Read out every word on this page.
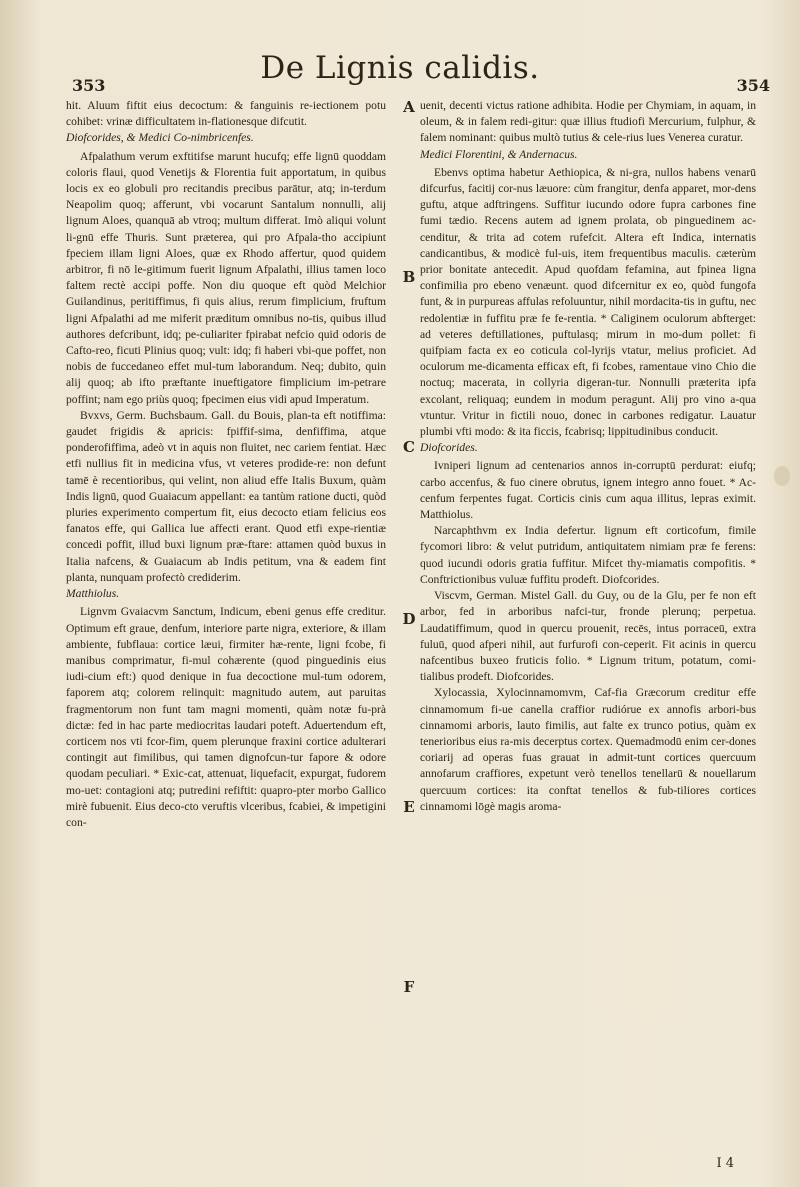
353	De Lignis calidis.	354

hit. Aluum fiftit eius decoctum: & fanguinis re-iectionem potu cohibet: vrinæ difficultatem in-flationesque difcutit.

Diofcorides, & Medici Co-nimbricenfes.

Afpalathum verum exftitifse marunt hucufq; effe lignū quoddam coloris flaui, quod Venetijs & Florentia fuit apportatum, in quibus locis ex eo globuli pro recitandis precibus parātur, atq; in-terdum Neapolim quoq; afferunt, vbi vocarunt Santalum nonnulli, alij lignum Aloes, quanquā ab vtroq; multum differat. Imò aliqui volunt li-gnū effe Thuris. Sunt præterea, qui pro Afpala-tho accipiunt fpeciem illam ligni Aloes, quæ ex Rhodo affertur, quod quidem arbitror, fi nō le-gitimum fuerit lignum Afpalathi, illius tamen loco faltem rectè accipi poffe. Non diu quoque eft quòd Melchior Guilandinus, peritiffimus, fi quis alius, rerum fimplicium, fruftum ligni Afpalathi ad me miferit præditum omnibus no-tis, quibus illud authores defcribunt, idq; pe-culiariter fpirabat nefcio quid odoris de Cafto-reo, ficuti Plinius quoq; vult: idq; fi haberi vbi-que poffet, non nobis de fuccedaneo effet mul-tum laborandum. Neq; dubito, quin alij quoq; ab ifto præftante inueftigatore fimplicium im-petrare poffint; nam ego priùs quoq; fpecimen eius vidi apud Imperatum.

Bvxvs, Germ. Buchsbaum. Gall. du Bouis, plan-ta eft notiffima: gaudet frigidis & apricis: fpiffif-sima, denfiffima, atque ponderofiffima, adeò vt in aquis non fluitet, nec cariem fentiat. Hæc etfi nullius fit in medicina vfus, vt veteres prodide-re: non defunt tamē è recentioribus, qui velint, non aliud effe Italis Buxum, quàm Indis lignū, quod Guaiacum appellant: ea tantùm ratione ducti, quòd pluries experimento compertum fit, eius decocto etiam felicius eos fanatos effe, qui Gallica lue affecti erant. Quod etfi expe-rientiæ concedi poffit, illud buxi lignum præ-ftare: attamen quòd buxus in Italia nafcens, & Guaiacum ab Indis petitum, vna & eadem fint planta, nunquam profectò crediderim.

Matthiolus.

Lignvm Gvaiacvm Sanctum, Indicum, ebeni genus effe creditur. Optimum eft graue, denfum, interiore parte nigra, exteriore, & illam ambiente, fubflaua: cortice læui, firmiter hæ-rente, ligni fcobe, fi manibus comprimatur, fi-mul cohærente (quod pinguedinis eius iudi-cium eft:) quod denique in fua decoctione mul-tum odorem, faporem atq; colorem relinquit: magnitudo autem, aut paruitas fragmentorum non funt tam magni momenti, quàm notæ fu-prà dictæ: fed in hac parte mediocritas laudari poteft. Aduertendum eft, corticem nos vti fcor-fim, quem plerunque fraxini cortice adulterari contingit aut fimilibus, qui tamen dignofcun-tur fapore & odore quodam peculiari. * Exic-cat, attenuat, liquefacit, expurgat, fudorem mo-uet: contagioni atq; putredini refiftit: quapro-pter morbo Gallico mirè fubuenit. Eius deco-cto veruftis vlceribus, fcabiei, & impetigini con-

A
B
C
D
E
F

uenit, decenti victus ratione adhibita. Hodie per Chymiam, in aquam, in oleum, & in falem redi-gitur: quæ illius ftudiofi Mercurium, fulphur, & falem nominant: quibus multò tutius & cele-rius lues Venerea curatur.

Medici Florentini, & Andernacus.

Ebenvs optima habetur Aethiopica, & ni-gra, nullos habens venarū difcurfus, facitij cor-nus læuore: cùm frangitur, denfa apparet, mor-dens guftu, atque adftringens. Suffitur iucundo odore fupra carbones fine fumi tædio. Recens autem ad ignem prolata, ob pinguedinem ac-cenditur, & trita ad cotem rufefcit. Altera eft Indica, internatis candicantibus, & modicè ful-uis, item frequentibus maculis. cæterùm prior bonitate antecedit. Apud quofdam fefamina, aut fpinea ligna confimilia pro ebeno venæunt. quod difcernitur ex eo, quòd fungofa funt, & in purpureas affulas refoluuntur, nihil mordacita-tis in guftu, nec redolentiæ in fuffitu præ fe fe-rentia. * Caliginem oculorum abfterget: ad veteres deftillationes, puftulasq; mirum in mo-dum pollet: fi quifpiam facta ex eo coticula col-lyrijs vtatur, melius proficiet. Ad oculorum me-dicamenta efficax eft, fi fcobes, ramentaue vino Chio die noctuq; macerata, in collyria digeran-tur. Nonnulli præterita ipfa excolant, reliquaq; eundem in modum peragunt. Alij pro vino a-qua vtuntur. Vritur in fictili nouo, donec in carbones redigatur. Lauatur plumbi vfti modo: & ita ficcis, fcabrisq; lippitudinibus conducit.

Diofcorides.

Ivniperi lignum ad centenarios annos in-corruptū perdurat: eiufq; carbo accenfus, & fuo cinere obrutus, ignem integro anno fouet. * Ac-cenfum ferpentes fugat. Corticis cinis cum aqua illitus, lepras eximit. Matthiolus.

Narcaphthvm ex India defertur. lignum eft corticofum, fimile fycomori libro: & velut putridum, antiquitatem nimiam præ fe ferens: quod iucundi odoris gratia fuffitur. Mifcet thy-miamatis compofitis. * Conftrictionibus vuluæ fuffitu prodeft. Diofcorides.

Viscvm, German. Mistel Gall. du Guy, ou de la Glu, per fe non eft arbor, fed in arboribus nafci-tur, fronde plerunq; perpetua. Laudatiffimum, quod in quercu prouenit, recēs, intus porraceū, extra fuluū, quod afperi nihil, aut furfurofi con-ceperit. Fit acinis in quercu nafcentibus buxeo fruticis folio. * Lignum tritum, potatum, comi-tialibus prodeft. Diofcorides.

Xylocassia, Xylocinnamomvm, Caf-fia Græcorum creditur effe cinnamomum fi-ue canella craffior rudiórue ex annofis arbori-bus cinnamomi arboris, lauto fimilis, aut falte ex trunco potius, quàm ex tenerioribus eius ra-mis decerptus cortex. Quemadmodū enim cer-dones coriarij ad operas fuas grauat in admit-tunt cortices quercuum annofarum craffiores, expetunt verò tenellos tenellarū & nouellarum quercuum cortices: ita conftat tenellos & fub-tiliores cortices cinnamomi lōgè magis aroma-

I 4
